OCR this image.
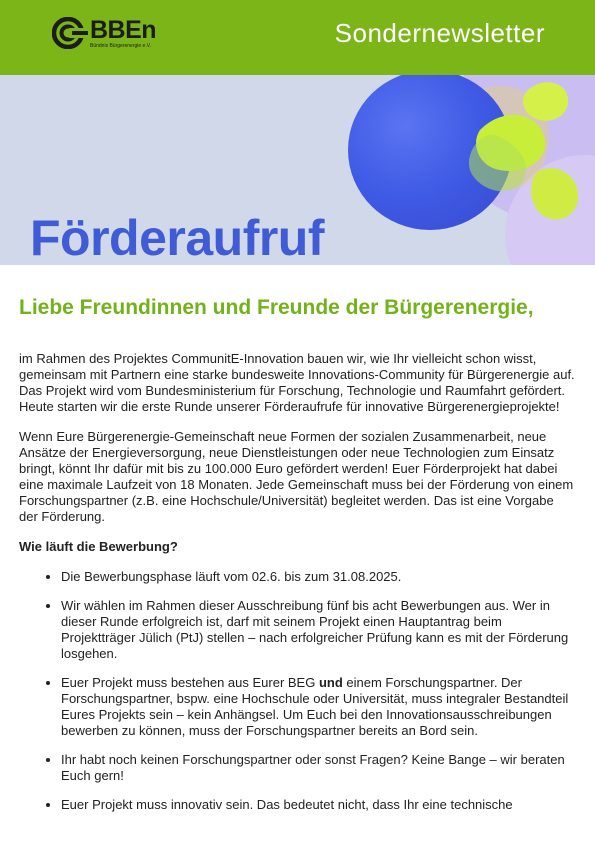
BBEn
Bündnis Bürgerenergie e.V.	Sondernewsletter
Förderaufruf
Liebe Freundinnen und Freunde der Bürgerenergie,

im Rahmen des Projektes CommunitE-Innovation bauen wir, wie Ihr vielleicht schon wisst, gemeinsam mit Partnern eine starke bundesweite Innovations-Community für Bürgerenergie auf. Das Projekt wird vom Bundesministerium für Forschung, Technologie und Raumfahrt gefördert. Heute starten wir die erste Runde unserer Förderaufrufe für innovative Bürgerenergieprojekte!

Wenn Eure Bürgerenergie-Gemeinschaft neue Formen der sozialen Zusammenarbeit, neue Ansätze der Energieversorgung, neue Dienstleistungen oder neue Technologien zum Einsatz bringt, könnt Ihr dafür mit bis zu 100.000 Euro gefördert werden! Euer Förderprojekt hat dabei eine maximale Laufzeit von 18 Monaten. Jede Gemeinschaft muss bei der Förderung von einem Forschungspartner (z.B. eine Hochschule/Universität) begleitet werden. Das ist eine Vorgabe der Förderung.

Wie läuft die Bewerbung?
• Die Bewerbungsphase läuft vom 02.6. bis zum 31.08.2025.
• Wir wählen im Rahmen dieser Ausschreibung fünf bis acht Bewerbungen aus. Wer in dieser Runde erfolgreich ist, darf mit seinem Projekt einen Hauptantrag beim Projektträger Jülich (PtJ) stellen – nach erfolgreicher Prüfung kann es mit der Förderung losgehen.
• Euer Projekt muss bestehen aus Eurer BEG und einem Forschungspartner. Der Forschungspartner, bspw. eine Hochschule oder Universität, muss integraler Bestandteil Eures Projekts sein – kein Anhängsel. Um Euch bei den Innovationsausschreibungen bewerben zu können, muss der Forschungspartner bereits an Bord sein.
• Ihr habt noch keinen Forschungspartner oder sonst Fragen? Keine Bange – wir beraten Euch gern!
• Euer Projekt muss innovativ sein. Das bedeutet nicht, dass Ihr eine technische
